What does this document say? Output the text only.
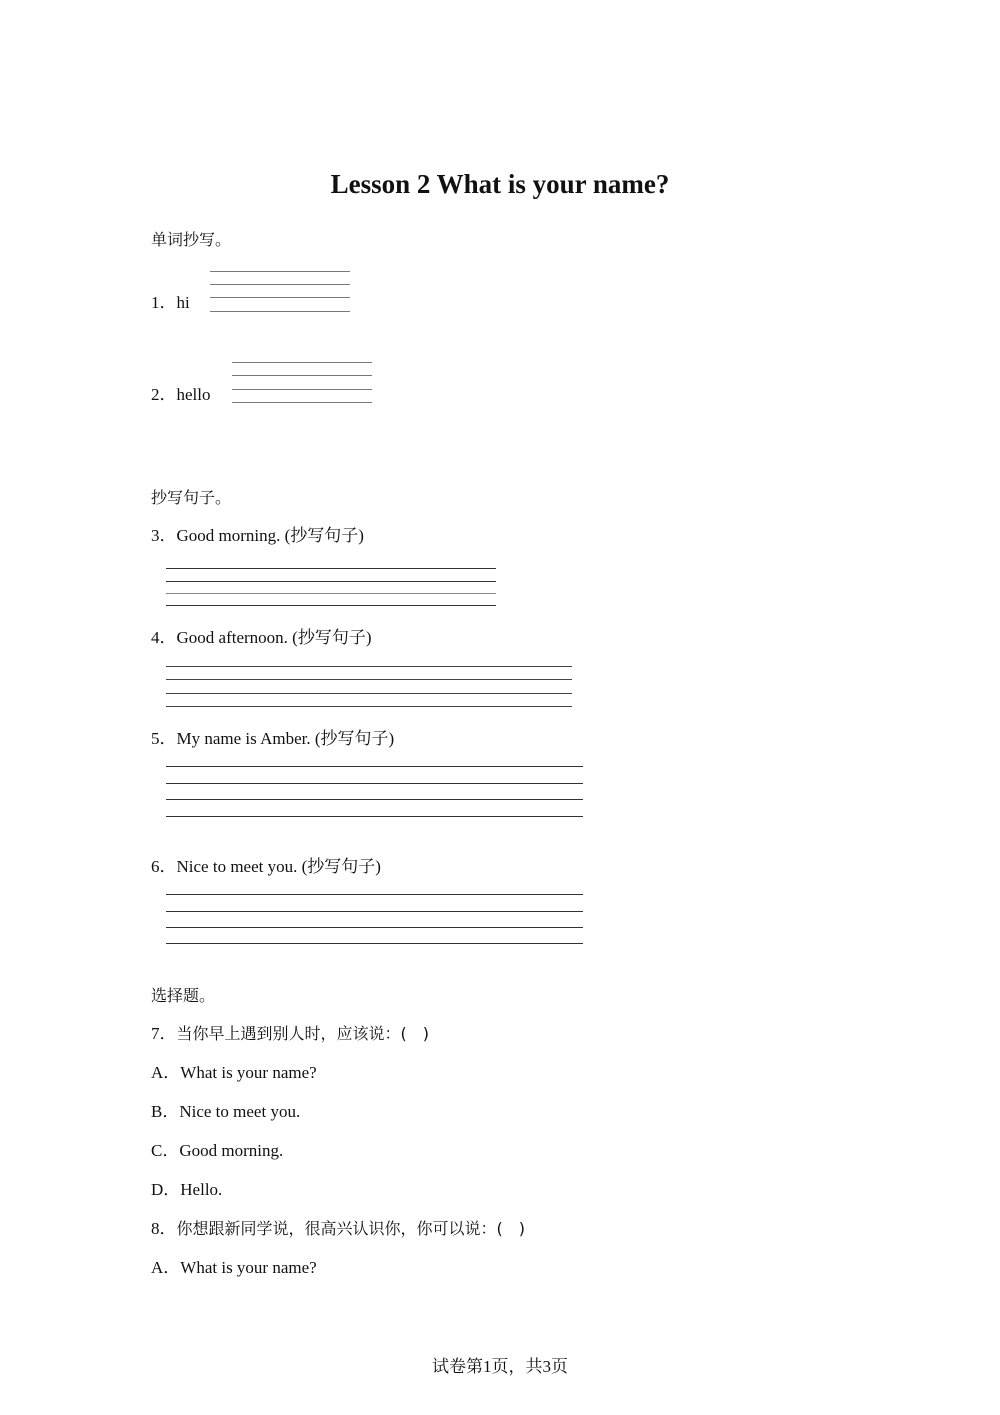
Lesson 2 What is your name?
单词抄写。
1．hi
2．hello
抄写句子。
3．Good morning. (抄写句子)
4．Good afternoon. (抄写句子)
5．My name is Amber. (抄写句子)
6．Nice to meet you. (抄写句子)
选择题。
7．当你早上遇到别人时，应该说：(　)
A．What is your name?
B．Nice to meet you.
C．Good morning.
D．Hello.
8．你想跟新同学说，很高兴认识你，你可以说：(　)
A．What is your name?
试卷第1页，共3页
